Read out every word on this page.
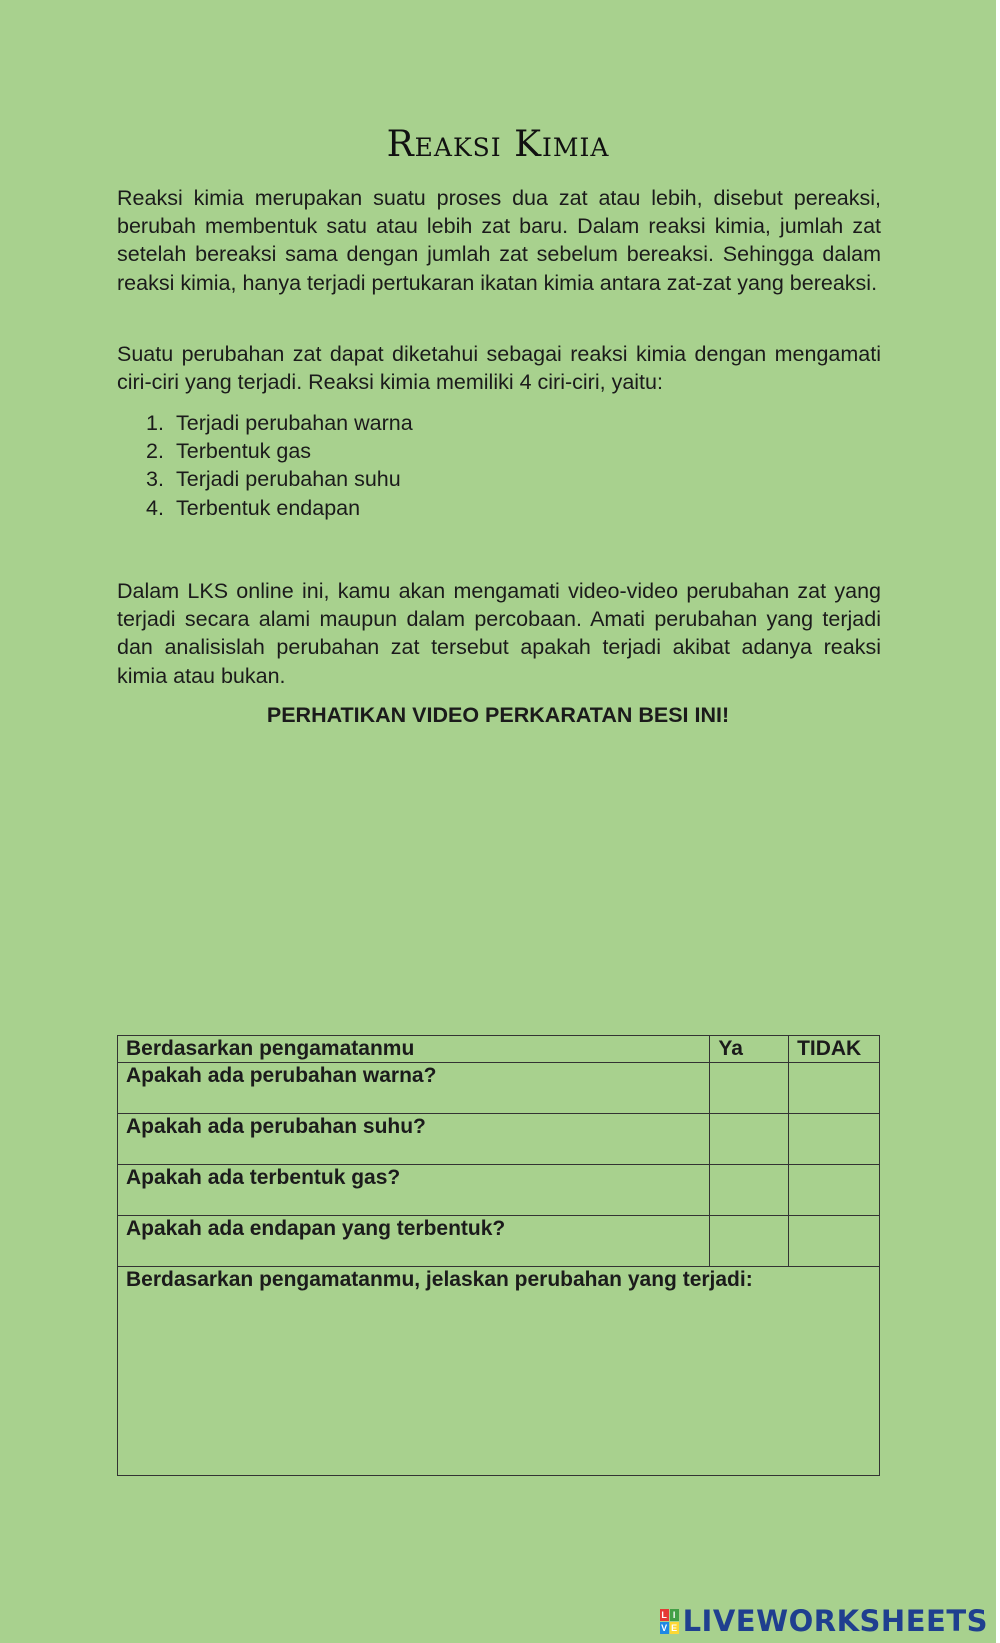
Reaksi Kimia

Reaksi kimia merupakan suatu proses dua zat atau lebih, disebut pereaksi, berubah membentuk satu atau lebih zat baru. Dalam reaksi kimia, jumlah zat setelah bereaksi sama dengan jumlah zat sebelum bereaksi. Sehingga dalam reaksi kimia, hanya terjadi pertukaran ikatan kimia antara zat-zat yang bereaksi.

Suatu perubahan zat dapat diketahui sebagai reaksi kimia dengan mengamati ciri-ciri yang terjadi. Reaksi kimia memiliki 4 ciri-ciri, yaitu:

1. Terjadi perubahan warna
2. Terbentuk gas
3. Terjadi perubahan suhu
4. Terbentuk endapan

Dalam LKS online ini, kamu akan mengamati video-video perubahan zat yang terjadi secara alami maupun dalam percobaan. Amati perubahan yang terjadi dan analisislah perubahan zat tersebut apakah terjadi akibat adanya reaksi kimia atau bukan.

PERHATIKAN VIDEO PERKARATAN BESI INI!
Berdasarkan pengamatanmu	Ya	TIDAK
Apakah ada perubahan warna?		
Apakah ada perubahan suhu?		
Apakah ada terbentuk gas?		
Apakah ada endapan yang terbentuk?		
Berdasarkan pengamatanmu, jelaskan perubahan yang terjadi:		
L I
V E LIVEWORKSHEETS
